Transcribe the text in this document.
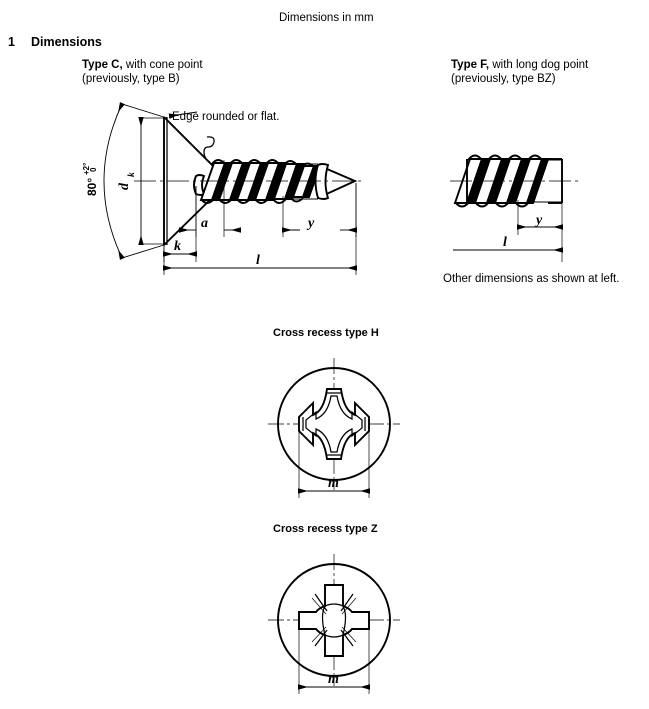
Dimensions in mm
1 Dimensions
Type C, with cone point
(previously, type B)
Type F, with long dog point
(previously, type BZ)
Edge rounded or flat.
Other dimensions as shown at left.
Cross recess type H
Cross recess type Z
80°
+2°
0
d
k
k
a	y
l
y
l
m
m
